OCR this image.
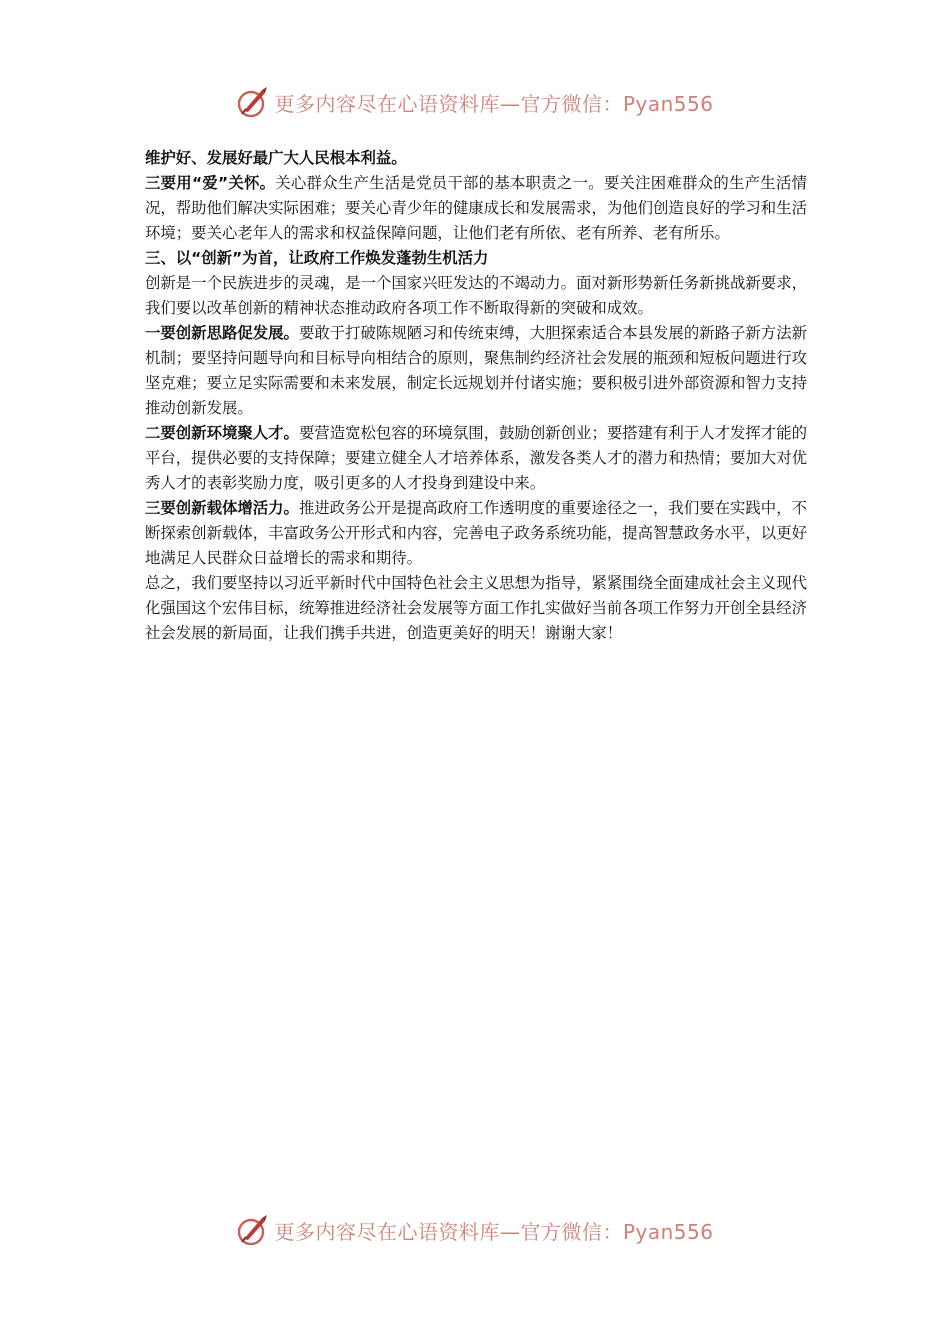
更多内容尽在心语资料库—官方微信：Pyan556

维护好、发展好最广大人民根本利益。

三要用“爱”关怀。关心群众生产生活是党员干部的基本职责之一。要关注困难群众的生产生活情况，帮助他们解决实际困难；要关心青少年的健康成长和发展需求，为他们创造良好的学习和生活环境；要关心老年人的需求和权益保障问题，让他们老有所依、老有所养、老有所乐。

三、以“创新”为首，让政府工作焕发蓬勃生机活力

创新是一个民族进步的灵魂，是一个国家兴旺发达的不竭动力。面对新形势新任务新挑战新要求，我们要以改革创新的精神状态推动政府各项工作不断取得新的突破和成效。

一要创新思路促发展。要敢于打破陈规陋习和传统束缚，大胆探索适合本县发展的新路子新方法新机制；要坚持问题导向和目标导向相结合的原则，聚焦制约经济社会发展的瓶颈和短板问题进行攻坚克难；要立足实际需要和未来发展，制定长远规划并付诸实施；要积极引进外部资源和智力支持推动创新发展。

二要创新环境聚人才。要营造宽松包容的环境氛围，鼓励创新创业；要搭建有利于人才发挥才能的平台，提供必要的支持保障；要建立健全人才培养体系，激发各类人才的潜力和热情；要加大对优秀人才的表彰奖励力度，吸引更多的人才投身到建设中来。

三要创新载体增活力。推进政务公开是提高政府工作透明度的重要途径之一，我们要在实践中，不断探索创新载体，丰富政务公开形式和内容，完善电子政务系统功能，提高智慧政务水平，以更好地满足人民群众日益增长的需求和期待。

总之，我们要坚持以习近平新时代中国特色社会主义思想为指导，紧紧围绕全面建成社会主义现代化强国这个宏伟目标，统筹推进经济社会发展等方面工作扎实做好当前各项工作努力开创全县经济社会发展的新局面，让我们携手共进，创造更美好的明天！谢谢大家！

更多内容尽在心语资料库—官方微信：Pyan556
